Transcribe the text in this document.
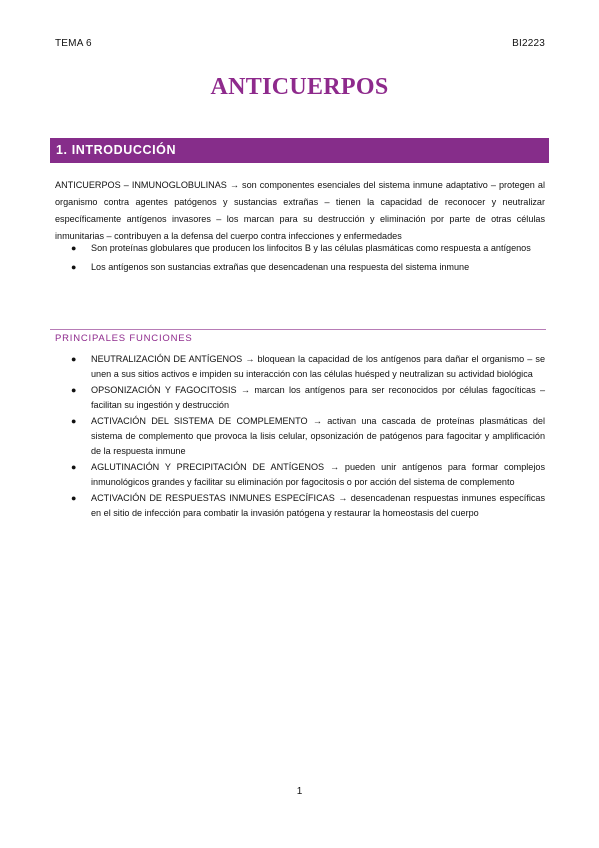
TEMA 6	BI2223
ANTICUERPOS
1. INTRODUCCIÓN

ANTICUERPOS – INMUNOGLOBULINAS → son componentes esenciales del sistema inmune adaptativo – protegen al organismo contra agentes patógenos y sustancias extrañas – tienen la capacidad de reconocer y neutralizar específicamente antígenos invasores – los marcan para su destrucción y eliminación por parte de otras células inmunitarias – contribuyen a la defensa del cuerpo contra infecciones y enfermedades

● Son proteínas globulares que producen los linfocitos B y las células plasmáticas como respuesta a antígenos
● Los antígenos son sustancias extrañas que desencadenan una respuesta del sistema inmune
PRINCIPALES FUNCIONES
● NEUTRALIZACIÓN DE ANTÍGENOS → bloquean la capacidad de los antígenos para dañar el organismo – se unen a sus sitios activos e impiden su interacción con las células huésped y neutralizan su actividad biológica
● OPSONIZACIÓN Y FAGOCITOSIS → marcan los antígenos para ser reconocidos por células fagocíticas – facilitan su ingestión y destrucción
● ACTIVACIÓN DEL SISTEMA DE COMPLEMENTO → activan una cascada de proteínas plasmáticas del sistema de complemento que provoca la lisis celular, opsonización de patógenos para fagocitar y amplificación de la respuesta inmune
● AGLUTINACIÓN Y PRECIPITACIÓN DE ANTÍGENOS → pueden unir antígenos para formar complejos inmunológicos grandes y facilitar su eliminación por fagocitosis o por acción del sistema de complemento
● ACTIVACIÓN DE RESPUESTAS INMUNES ESPECÍFICAS → desencadenan respuestas inmunes específicas en el sitio de infección para combatir la invasión patógena y restaurar la homeostasis del cuerpo
1
